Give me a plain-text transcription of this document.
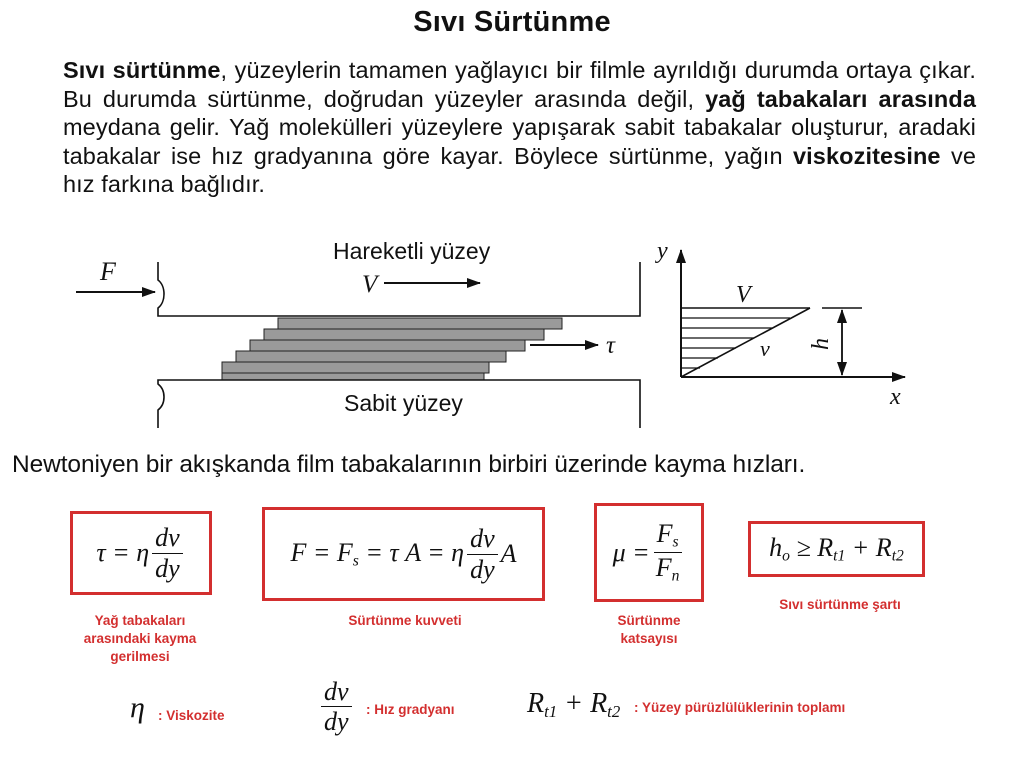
Sıvı Sürtünme
Sıvı sürtünme, yüzeylerin tamamen yağlayıcı bir filmle ayrıldığı durumda ortaya çıkar. Bu durumda sürtünme, doğrudan yüzeyler arasında değil, yağ tabakaları arasında meydana gelir. Yağ molekülleri yüzeylere yapışarak sabit tabakalar oluşturur, aradaki tabakalar ise hız gradyanına göre kayar. Böylece sürtünme, yağın viskozitesine ve hız farkına bağlıdır.
F
Hareketli yüzey
V
τ
Sabit yüzey
y
x
V
v h
Newtoniyen bir akışkanda film tabakalarının birbiri üzerinde kayma hızları.
τ = η $\frac{dv}{dy}$
Yağ tabakaları arasındaki kayma gerilmesi
$F = F_s = \tau$ A = η $\frac{dv}{dy}$ A
Sürtünme kuvveti
$\mu = \frac{F_s}{F_n}$
Sürtünme katsayısı
$h_o \ge R_{t1} + R_{t2}$
Sıvı sürtünme şartı
η : Viskozite	$\frac{dv}{dy}$ : Hız gradyanı	$R_{t1} + R_{t2}$ : Yüzey pürüzlülüklerinin toplamı
